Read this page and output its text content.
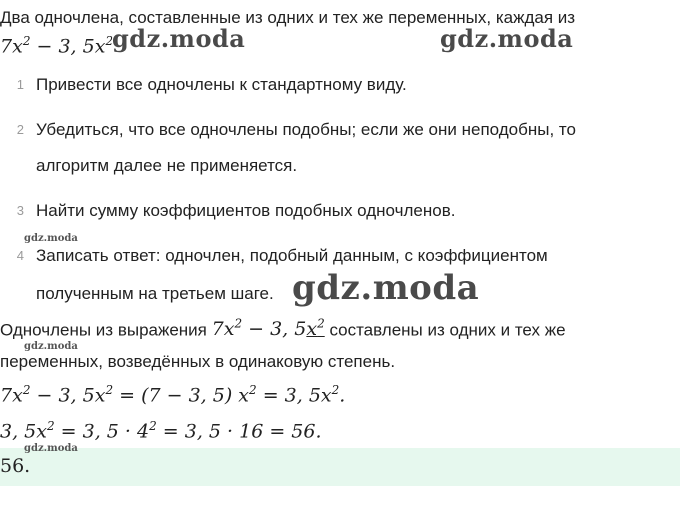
Два одночлена, составленные из одних и тех же переменных, каждая из
$7x^2 - 3$, $5x^2$
gdz.moda	gdz.moda
1 Привести все одночлены к стандартному виду.
2 Убедиться, что все одночлены подобны; если же они неподобны, то
алгоритм далее не применяется.
3 Найти сумму коэффициентов подобных одночленов.
gdz.moda
4 Записать ответ: одночлен, подобный данным, с коэффициентом
полученным на третьем шаге. gdz.moda
Одночлены из выражения $7x^2 - 3$, $5x^2$ составлены из одних и тех же
gdz.moda
переменных, возведённых в одинаковую степень.
$7x^2 - 3$, $5x^2 = (7 - 3$, 5) $x^2 = 3$, $5x^2$.
3, $5x^2 = 3$, $5 \cdot 4^2 = 3$, 5 · 16 = 56.
gdz.moda
56.
